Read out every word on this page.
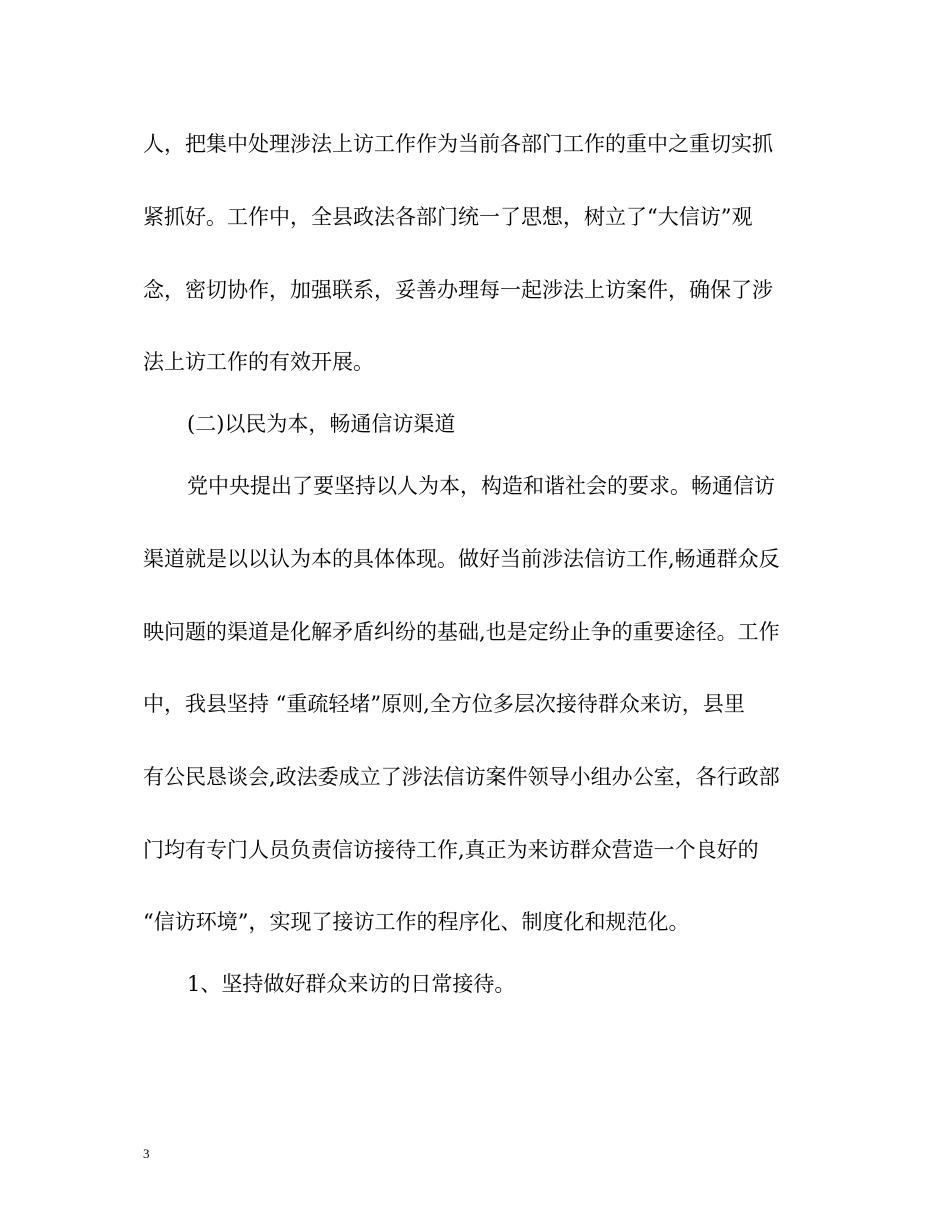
人，把集中处理涉法上访工作作为当前各部门工作的重中之重切实抓
紧抓好。工作中，全县政法各部门统一了思想，树立了“大信访”观
念，密切协作，加强联系，妥善办理每一起涉法上访案件，确保了涉
法上访工作的有效开展。
(二)以民为本，畅通信访渠道
党中央提出了要坚持以人为本，构造和谐社会的要求。畅通信访
渠道就是以以认为本的具体体现。做好当前涉法信访工作,畅通群众反
映问题的渠道是化解矛盾纠纷的基础,也是定纷止争的重要途径。工作
中，我县坚持 “重疏轻堵”原则,全方位多层次接待群众来访，县里
有公民恳谈会,政法委成立了涉法信访案件领导小组办公室，各行政部
门均有专门人员负责信访接待工作,真正为来访群众营造一个良好的
“信访环境”，实现了接访工作的程序化、制度化和规范化。
1、坚持做好群众来访的日常接待。
3
